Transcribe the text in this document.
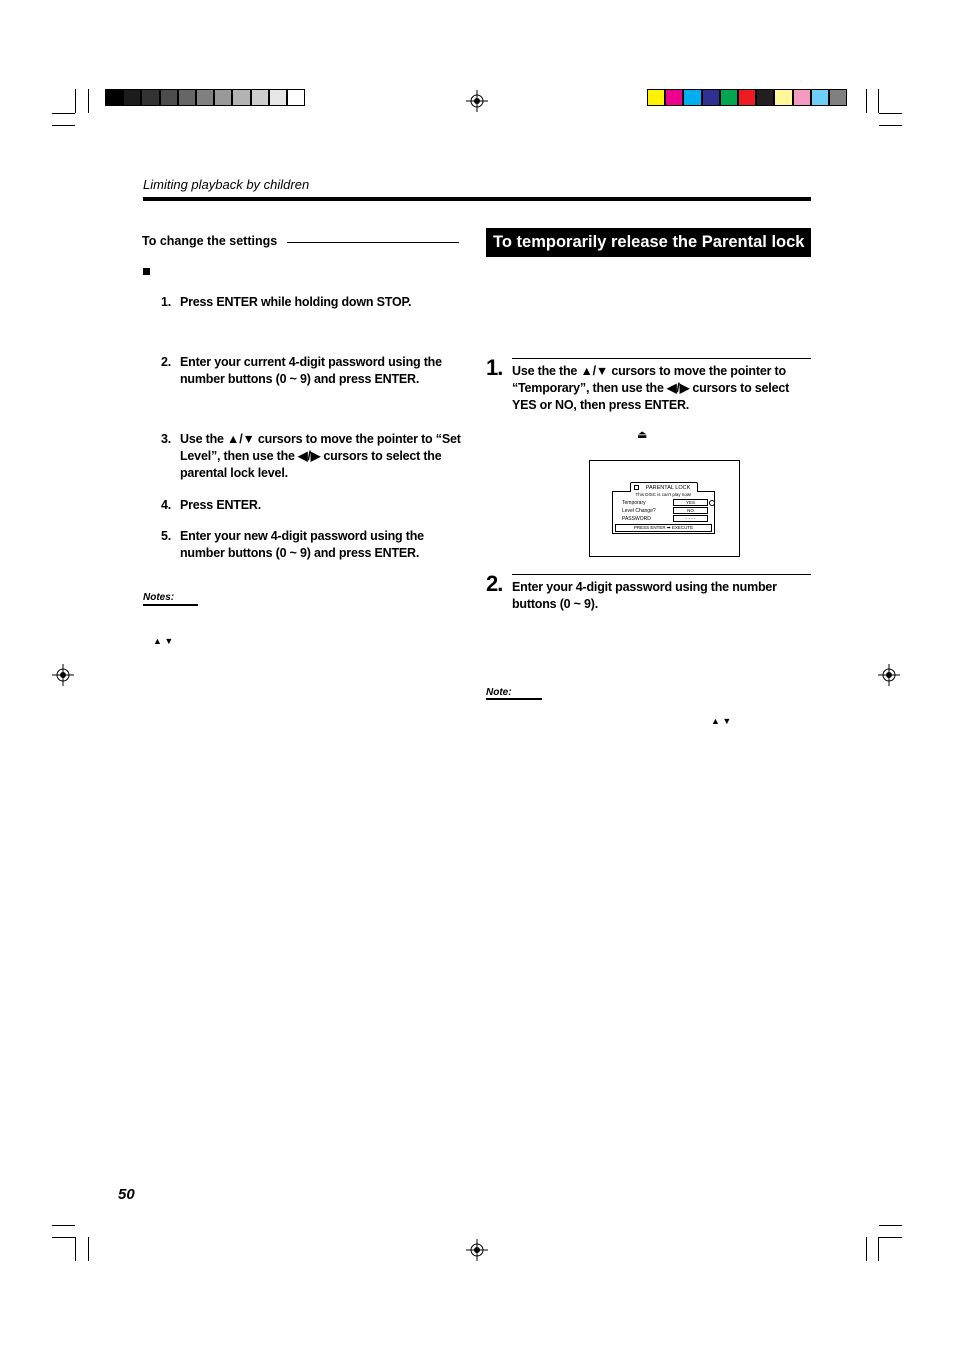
Limiting playback by children
To change the settings
1. Press ENTER while holding down STOP.
2. Enter your current 4-digit password using the number buttons (0 ~ 9) and press ENTER.
3. Use the ▲/▼ cursors to move the pointer to “Set Level”, then use the ◀/▶ cursors to select the parental lock level.
4. Press ENTER.
5. Enter your new 4-digit password using the number buttons (0 ~ 9) and press ENTER.
Notes:
▲ ▼
To temporarily release the Parental lock
1. Use the the ▲/▼ cursors to move the pointer to “Temporary”, then use the ◀/▶ cursors to select YES or NO, then press ENTER.
⏏
PARENTAL LOCK
This DISC is can't play now!
Temporary	YES
Level Change?	NO
PASSWORD	- - - -
PRESS ENTER ➡ EXECUTE
2. Enter your 4-digit password using the number buttons (0 ~ 9).
Note:
▲ ▼
50
